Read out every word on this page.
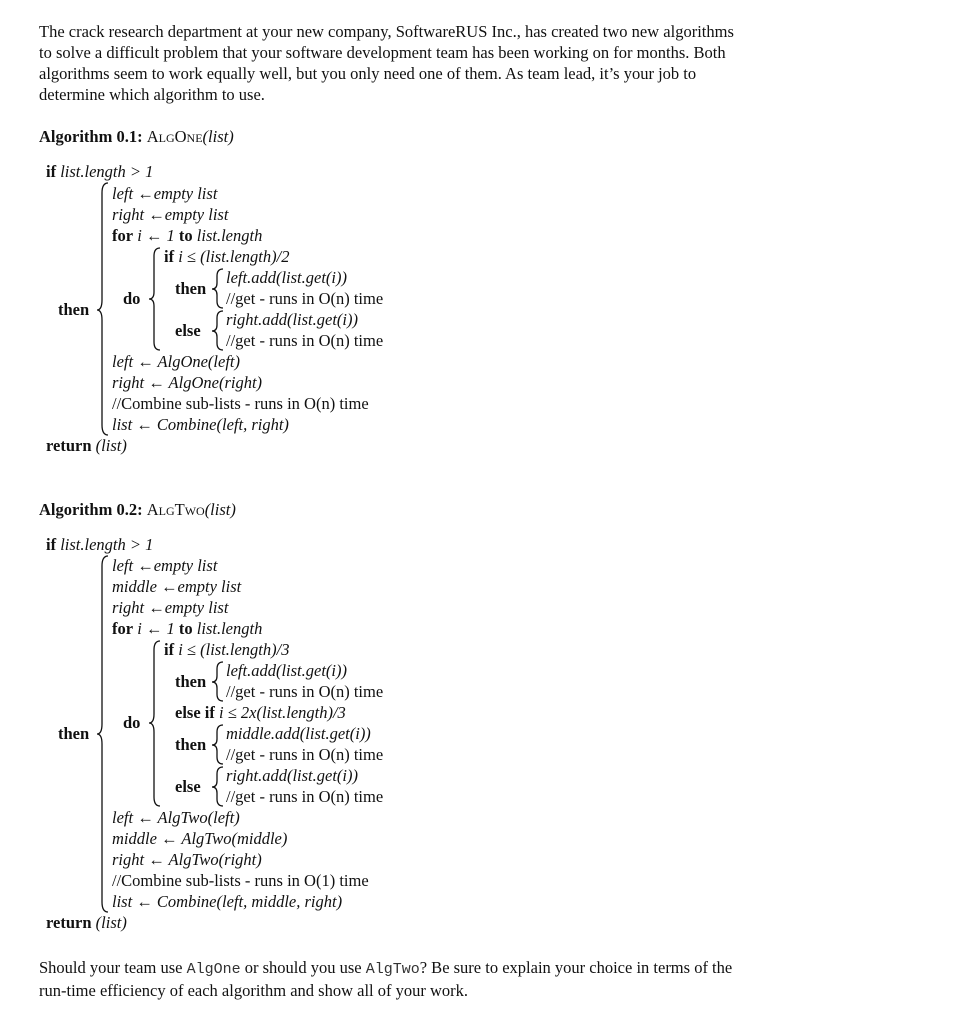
The crack research department at your new company, SoftwareRUS Inc., has created two new algorithms to solve a difficult problem that your software development team has been working on for months. Both algorithms seem to work equally well, but you only need one of them. As team lead, it’s your job to determine which algorithm to use.

Algorithm 0.1: AlgOne(list)
if list.length > 1
then
left ←empty list
right ←empty list
for i ← 1 to list.length
do
if i ≤ (list.length)/2
then
left.add(list.get(i))
//get - runs in O(n) time
else
right.add(list.get(i))
//get - runs in O(n) time
left ← AlgOne(left)
right ← AlgOne(right)
//Combine sub-lists - runs in O(n) time
list ← Combine(left, right)
return (list)
Algorithm 0.2: AlgTwo(list)
if list.length > 1
then
left ←empty list
middle ←empty list
right ←empty list
for i ← 1 to list.length
do
if i ≤ (list.length)/3
then
left.add(list.get(i))
//get - runs in O(n) time
else if i ≤ 2x(list.length)/3
then
middle.add(list.get(i))
//get - runs in O(n) time
else
right.add(list.get(i))
//get - runs in O(n) time
left ← AlgTwo(left)
middle ← AlgTwo(middle)
right ← AlgTwo(right)
//Combine sub-lists - runs in O(1) time
list ← Combine(left, middle, right)
return (list)

Should your team use AlgOne or should you use AlgTwo? Be sure to explain your choice in terms of the run-time efficiency of each algorithm and show all of your work.
